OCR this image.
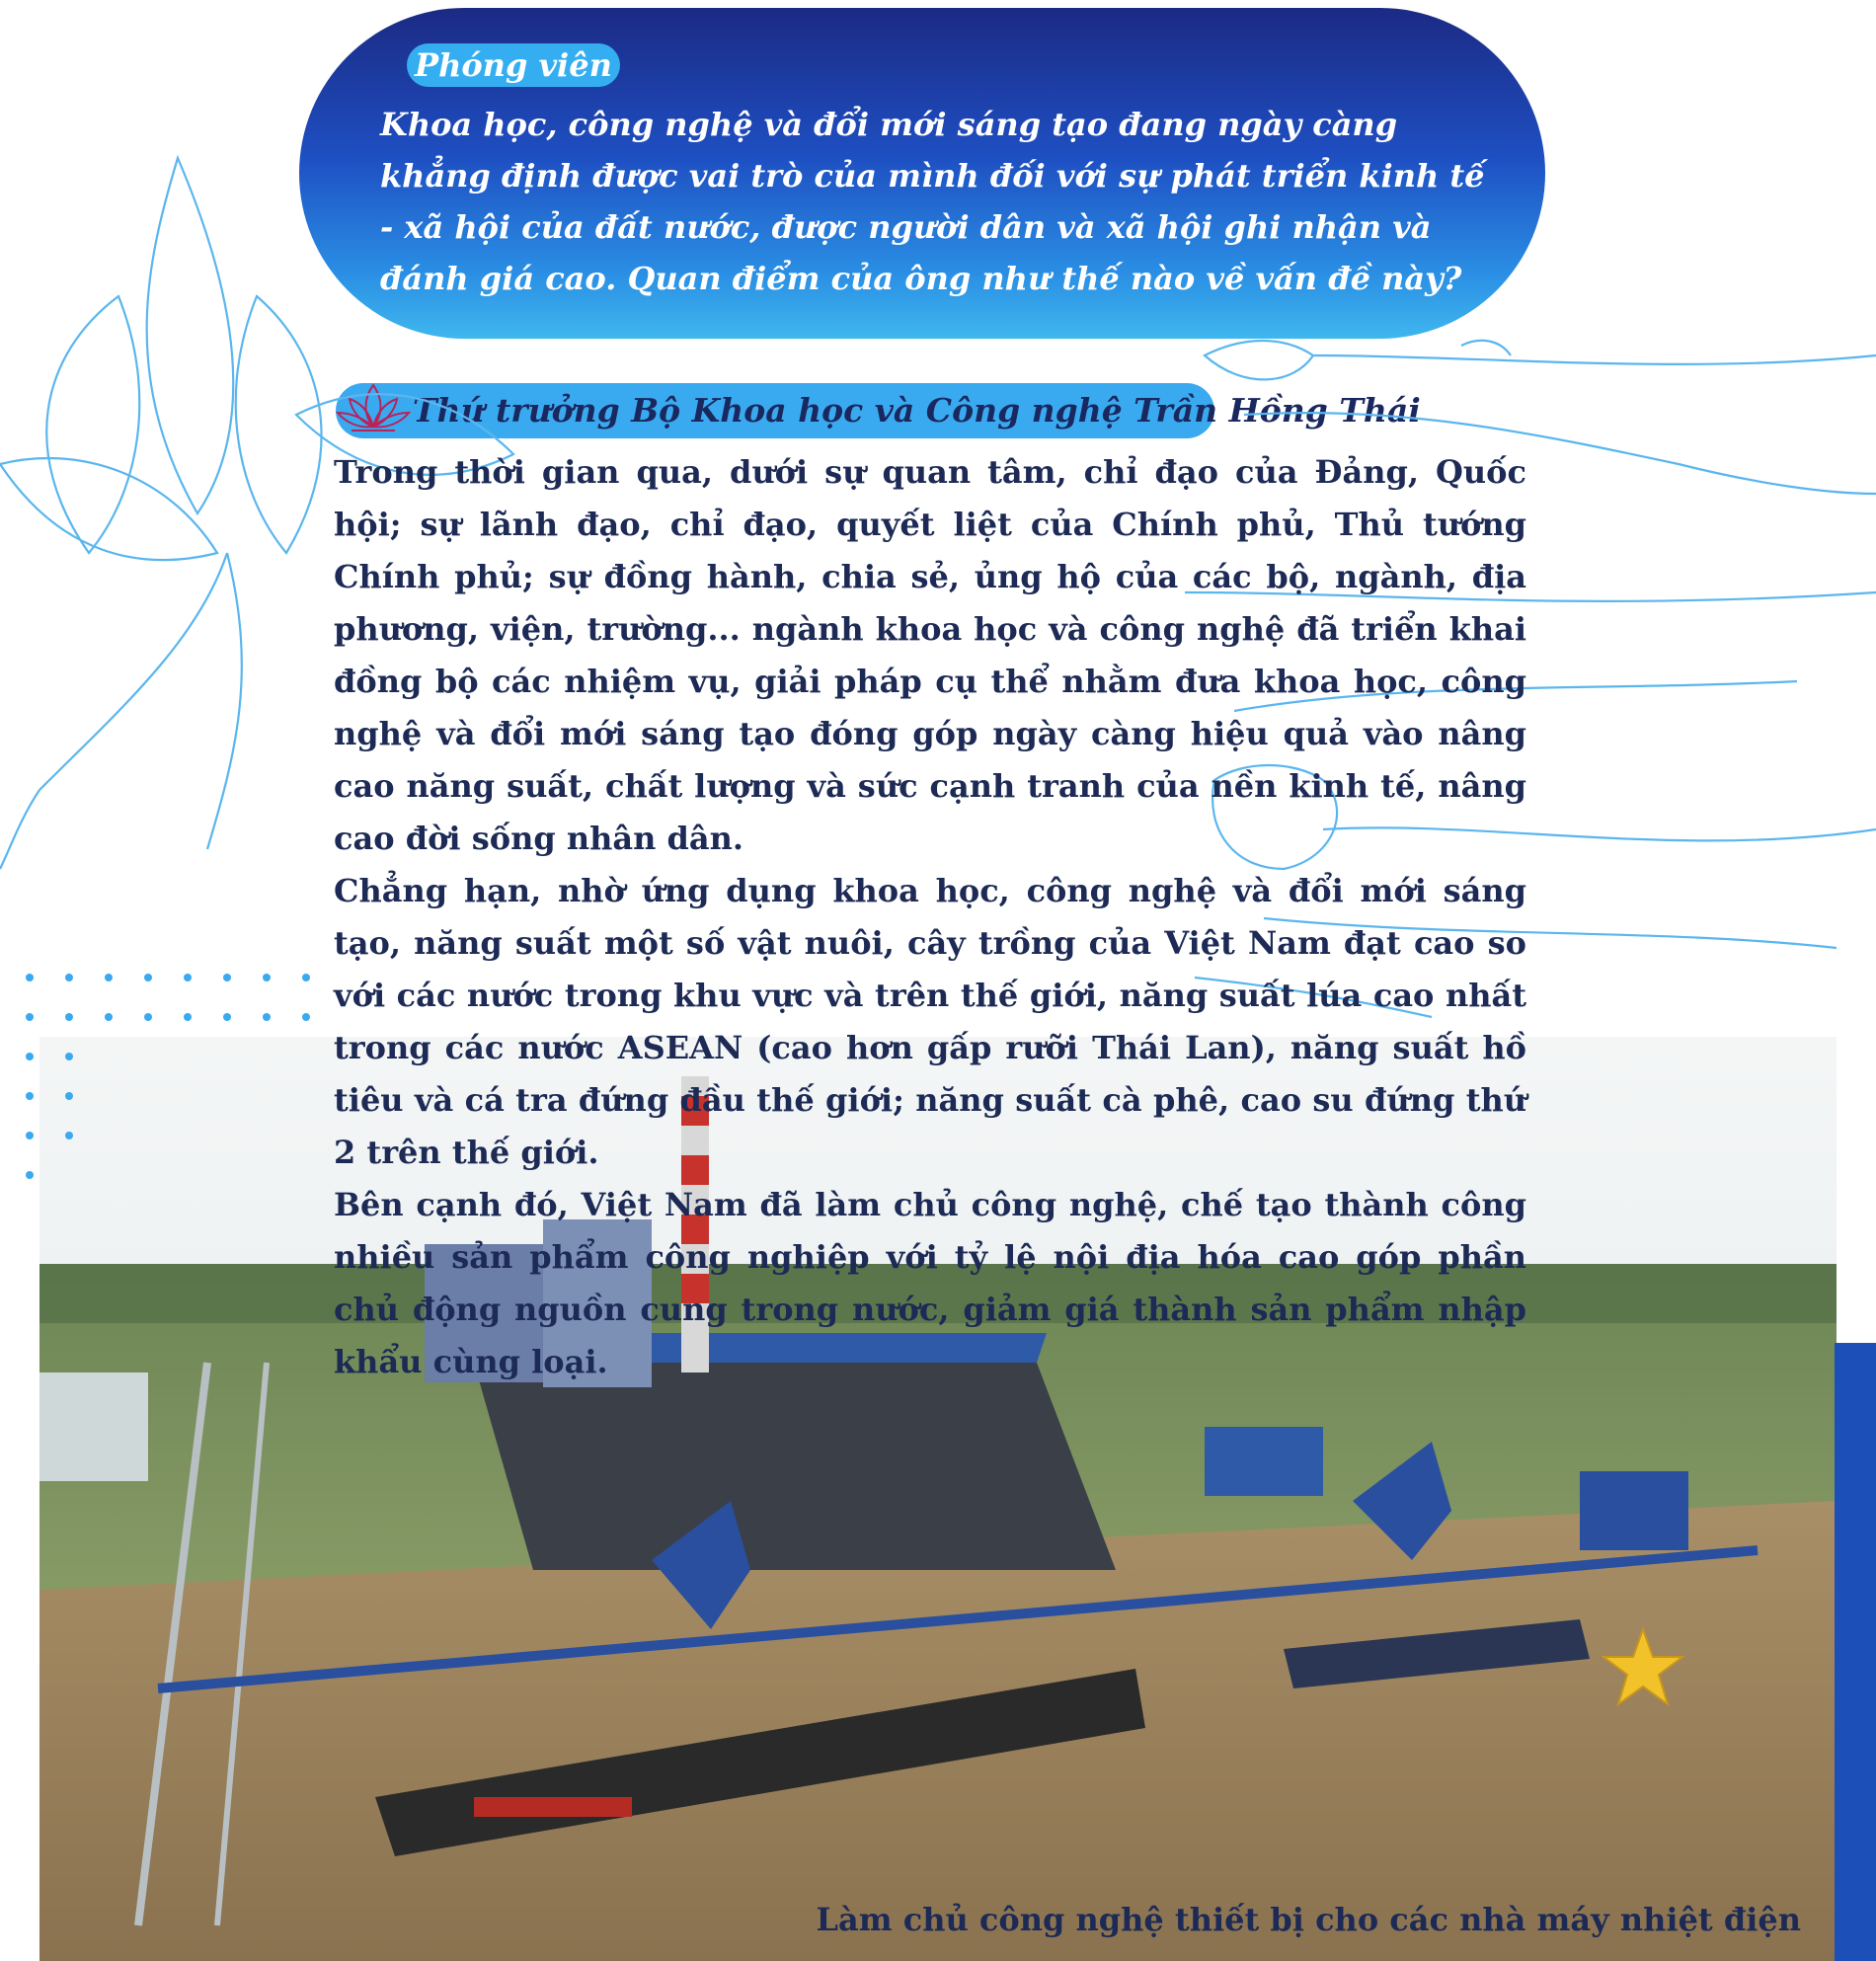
Phóng viên

Khoa học, công nghệ và đổi mới sáng tạo đang ngày càng khẳng định được vai trò của mình đối với sự phát triển kinh tế - xã hội của đất nước, được người dân và xã hội ghi nhận và đánh giá cao. Quan điểm của ông như thế nào về vấn đề này?

Thứ trưởng Bộ Khoa học và Công nghệ Trần Hồng Thái

Trong thời gian qua, dưới sự quan tâm, chỉ đạo của Đảng, Quốc hội; sự lãnh đạo, chỉ đạo, quyết liệt của Chính phủ, Thủ tướng Chính phủ; sự đồng hành, chia sẻ, ủng hộ của các bộ, ngành, địa phương, viện, trường... ngành khoa học và công nghệ đã triển khai đồng bộ các nhiệm vụ, giải pháp cụ thể nhằm đưa khoa học, công nghệ và đổi mới sáng tạo đóng góp ngày càng hiệu quả vào nâng cao năng suất, chất lượng và sức cạnh tranh của nền kinh tế, nâng cao đời sống nhân dân.

Chẳng hạn, nhờ ứng dụng khoa học, công nghệ và đổi mới sáng tạo, năng suất một số vật nuôi, cây trồng của Việt Nam đạt cao so với các nước trong khu vực và trên thế giới, năng suất lúa cao nhất trong các nước ASEAN (cao hơn gấp rưỡi Thái Lan), năng suất hồ tiêu và cá tra đứng đầu thế giới; năng suất cà phê, cao su đứng thứ 2 trên thế giới.

Bên cạnh đó, Việt Nam đã làm chủ công nghệ, chế tạo thành công nhiều sản phẩm công nghiệp với tỷ lệ nội địa hóa cao góp phần chủ động nguồn cung trong nước, giảm giá thành sản phẩm nhập khẩu cùng loại.

Làm chủ công nghệ thiết bị cho các nhà máy nhiệt điện
